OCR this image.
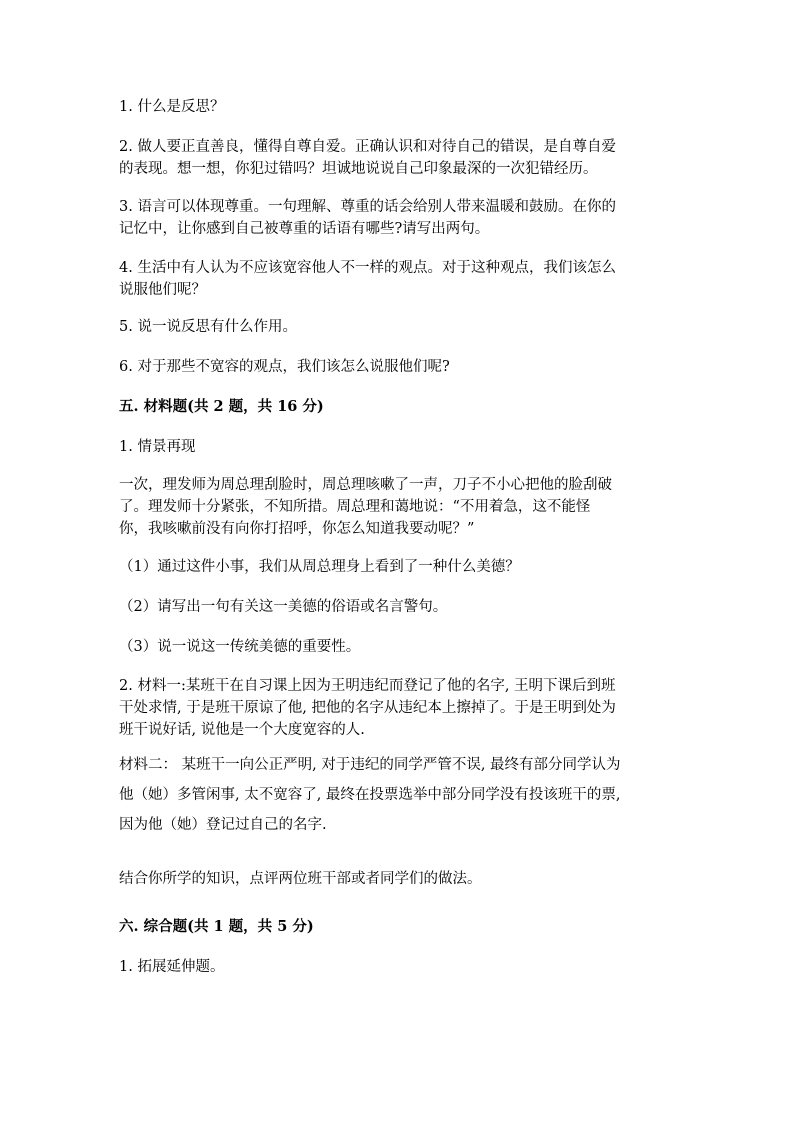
1. 什么是反思？

2. 做人要正直善良，懂得自尊自爱。正确认识和对待自己的错误，是自尊自爱
的表现。想一想，你犯过错吗？坦诚地说说自己印象最深的一次犯错经历。

3. 语言可以体现尊重。一句理解、尊重的话会给别人带来温暖和鼓励。在你的
记忆中，让你感到自己被尊重的话语有哪些?请写出两句。

4. 生活中有人认为不应该宽容他人不一样的观点。对于这种观点，我们该怎么
说服他们呢？

5. 说一说反思有什么作用。

6. 对于那些不宽容的观点，我们该怎么说服他们呢?

五. 材料题(共 2 题，共 16 分)

1. 情景再现

一次，理发师为周总理刮脸时，周总理咳嗽了一声，刀子不小心把他的脸刮破
了。理发师十分紧张，不知所措。周总理和蔼地说：“不用着急，这不能怪
你，我咳嗽前没有向你打招呼，你怎么知道我要动呢？”

（1）通过这件小事，我们从周总理身上看到了一种什么美德？

（2）请写出一句有关这一美德的俗语或名言警句。

（3）说一说这一传统美德的重要性。

2. 材料一:某班干在自习课上因为王明违纪而登记了他的名字, 王明下课后到班
干处求情, 于是班干原谅了他, 把他的名字从违纪本上擦掉了。于是王明到处为
班干说好话, 说他是一个大度宽容的人.

材料二： 某班干一向公正严明, 对于违纪的同学严管不误, 最终有部分同学认为
他（她）多管闲事, 太不宽容了, 最终在投票选举中部分同学没有投该班干的票,
因为他（她）登记过自己的名字.

结合你所学的知识，点评两位班干部或者同学们的做法。

六. 综合题(共 1 题，共 5 分)

1. 拓展延伸题。
